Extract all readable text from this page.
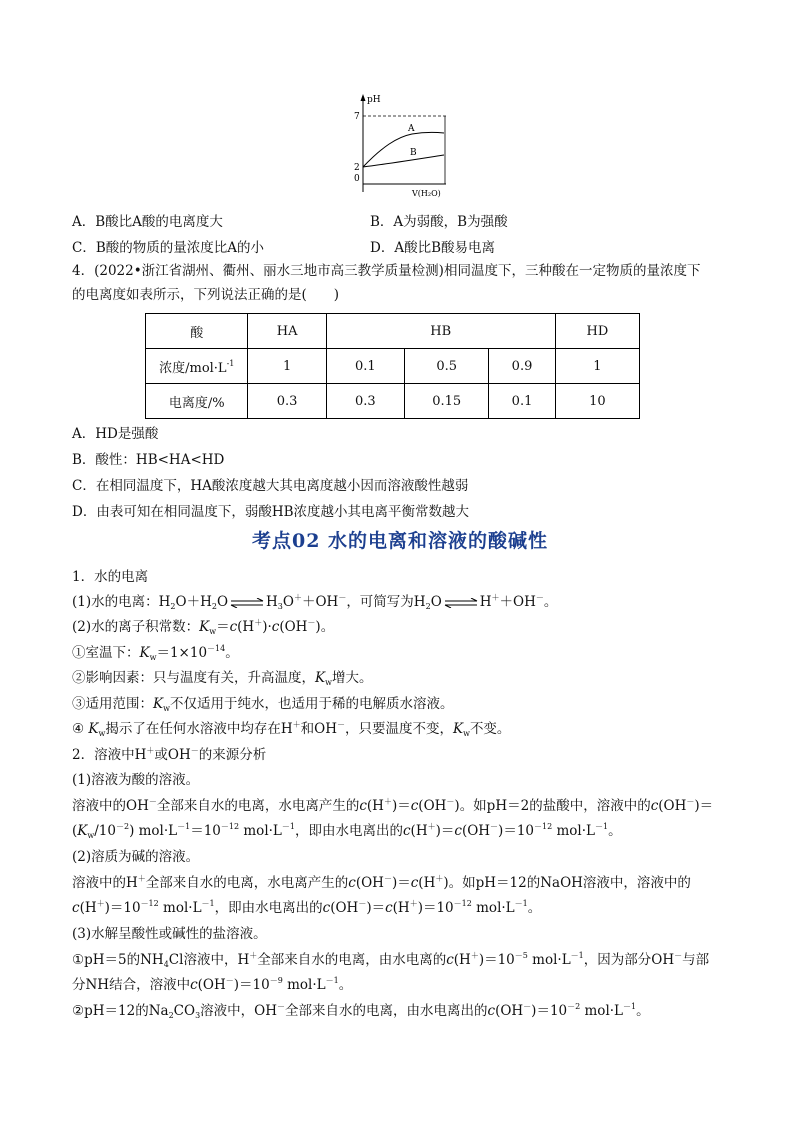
pH
7
2
0
A
B
V(H₂O)
A．B酸比A酸的电离度大	B．A为弱酸，B为强酸
C．B酸的物质的量浓度比A的小	D．A酸比B酸易电离
4．(2022•浙江省湖州、衢州、丽水三地市高三教学质量检测)相同温度下，三种酸在一定物质的量浓度下
的电离度如表所示，下列说法正确的是(　　)
酸	HA	HB			HD
浓度$/mol\cdot L^{-1}$	1	0.1	0.5	0.9	1
电离度/%	0.3	0.3	0.15	0.1	10
A．HD是强酸
B．酸性：HB<HA<HD
C．在相同温度下，HA酸浓度越大其电离度越小因而溶液酸性越弱
D．由表可知在相同温度下，弱酸HB浓度越小其电离平衡常数越大
考点02 水的电离和溶液的酸碱性
1．水的电离
(1)水的电离：$H_2O+H_2O$ ⇌ $H_3O^++OH^-$，可简写为$H_2O$ ⇌ H＋＋OH－。
(2)水的离子积常数：$K_w=c(H^+)\cdot c(OH^-)$。
①室温下：$K_w=1\times 10^{-14}$。
②影响因素：只与温度有关，升高温度，$K_w$增大。
③适用范围：$K_w$不仅适用于纯水，也适用于稀的电解质水溶液。
④ $K_w$揭示了在任何水溶液中均存在H＋和OH－，只要温度不变，$K_w$不变。
2．溶液中H＋或OH－的来源分析
(1)溶液为酸的溶液。
溶液中的OH－全部来自水的电离，水电离产生的c(H＋)＝c(OH－)。如pH＝2的盐酸中，溶液中的c(OH－)＝
$(K_w/10^{-2})$ $mol\cdot L^{-1}=10^{-12}$ $mol\cdot L^{-1}$，即由水电离出的$c(H^+)=c(OH^-)=10^{-12}$ $mol\cdot L^{-1}$。
(2)溶质为碱的溶液。
溶液中的H＋全部来自水的电离，水电离产生的c(OH－)＝c(H＋)。如pH＝12的NaOH溶液中，溶液中的
$c(H^+)=10^{-12}$ $mol\cdot L^{-1}$，即由水电离出的$c(OH^-)=c(H^+)=10^{-12}$ $mol\cdot L^{-1}$。
(3)水解呈酸性或碱性的盐溶液。
①pH＝5的$NH_4Cl$溶液中，H＋全部来自水的电离，由水电离的$c(H^+)=10^{-5}$ $mol\cdot L^{-1}$，因为部分OH－与部
分NH结合，溶液中$c(OH^-)=10^{-9}$ $mol\cdot L^{-1}$。
②pH＝12的$Na_2CO_3$溶液中，OH－全部来自水的电离，由水电离出的$c(OH^-)=10^{-2}$ $mol\cdot L^{-1}$。
